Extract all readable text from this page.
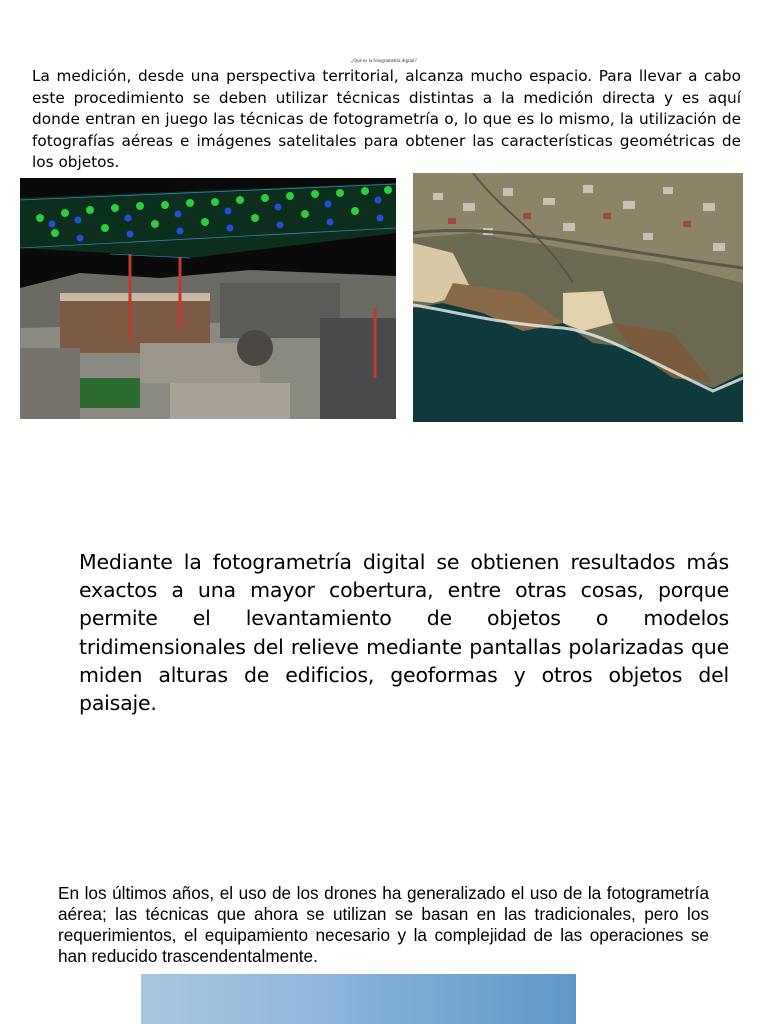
¿Qué es la fotogrametría digital?

La medición, desde una perspectiva territorial, alcanza mucho espacio. Para llevar a cabo este procedimiento se deben utilizar técnicas distintas a la medición directa y es aquí donde entran en juego las técnicas de fotogrametría o, lo que es lo mismo, la utilización de fotografías aéreas e imágenes satelitales para obtener las características geométricas de los objetos.

Mediante la fotogrametría digital se obtienen resultados más exactos a una mayor cobertura, entre otras cosas, porque permite el levantamiento de objetos o modelos tridimensionales del relieve mediante pantallas polarizadas que miden alturas de edificios, geoformas y otros objetos del paisaje.

En los últimos años, el uso de los drones ha generalizado el uso de la fotogrametría aérea; las técnicas que ahora se utilizan se basan en las tradicionales, pero los requerimientos, el equipamiento necesario y la complejidad de las operaciones se han reducido trascendentalmente.
